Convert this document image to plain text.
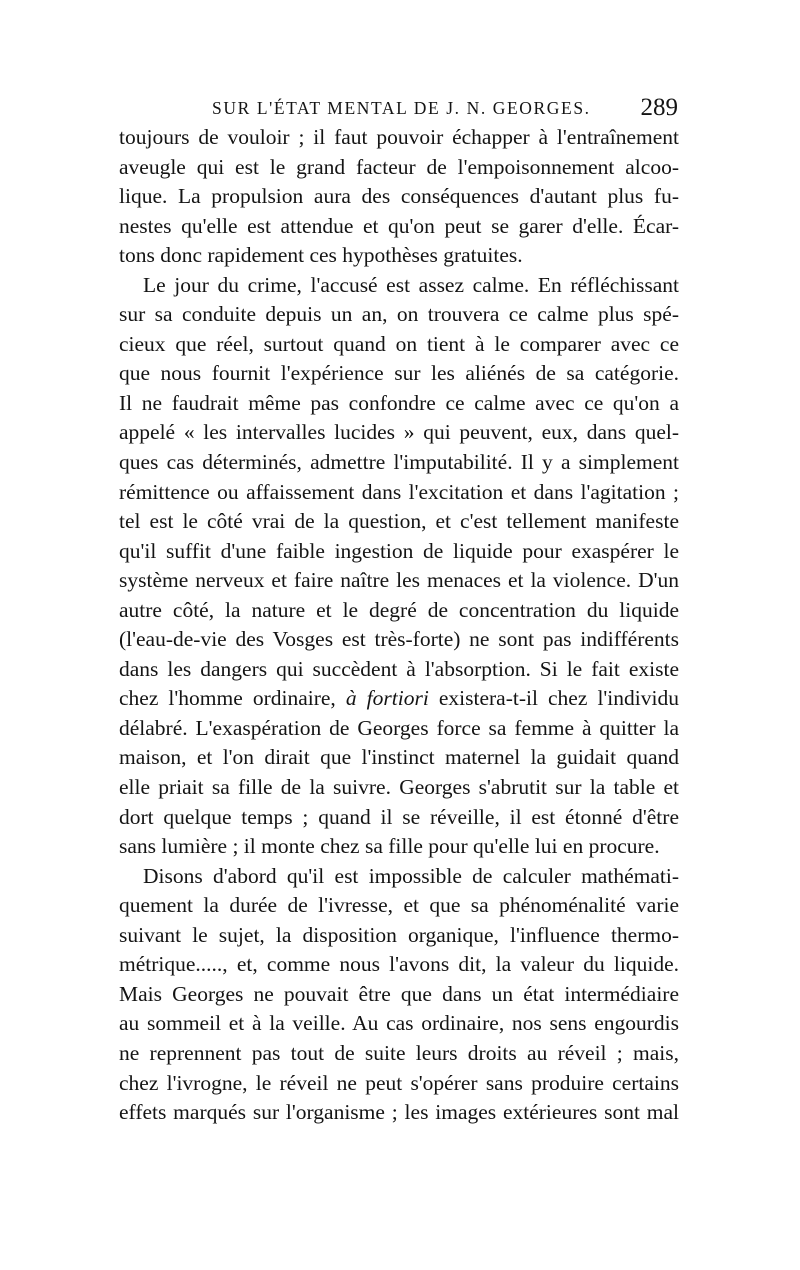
SUR L'ÉTAT MENTAL DE J. N. GEORGES. 289
toujours de vouloir ; il faut pouvoir échapper à l'entraînement
aveugle qui est le grand facteur de l'empoisonnement alcoo-
lique. La propulsion aura des conséquences d'autant plus fu-
nestes qu'elle est attendue et qu'on peut se garer d'elle. Écar-
tons donc rapidement ces hypothèses gratuites.
Le jour du crime, l'accusé est assez calme. En réfléchissant
sur sa conduite depuis un an, on trouvera ce calme plus spé-
cieux que réel, surtout quand on tient à le comparer avec ce
que nous fournit l'expérience sur les aliénés de sa catégorie.
Il ne faudrait même pas confondre ce calme avec ce qu'on a
appelé « les intervalles lucides » qui peuvent, eux, dans quel-
ques cas déterminés, admettre l'imputabilité. Il y a simplement
rémittence ou affaissement dans l'excitation et dans l'agitation ;
tel est le côté vrai de la question, et c'est tellement manifeste
qu'il suffit d'une faible ingestion de liquide pour exaspérer le
système nerveux et faire naître les menaces et la violence. D'un
autre côté, la nature et le degré de concentration du liquide
(l'eau-de-vie des Vosges est très-forte) ne sont pas indifférents
dans les dangers qui succèdent à l'absorption. Si le fait existe
chez l'homme ordinaire, à fortiori existera-t-il chez l'individu
délabré. L'exaspération de Georges force sa femme à quitter la
maison, et l'on dirait que l'instinct maternel la guidait quand
elle priait sa fille de la suivre. Georges s'abrutit sur la table et
dort quelque temps ; quand il se réveille, il est étonné d'être
sans lumière ; il monte chez sa fille pour qu'elle lui en procure.
Disons d'abord qu'il est impossible de calculer mathémati-
quement la durée de l'ivresse, et que sa phénoménalité varie
suivant le sujet, la disposition organique, l'influence thermo-
métrique....., et, comme nous l'avons dit, la valeur du liquide.
Mais Georges ne pouvait être que dans un état intermédiaire
au sommeil et à la veille. Au cas ordinaire, nos sens engourdis
ne reprennent pas tout de suite leurs droits au réveil ; mais,
chez l'ivrogne, le réveil ne peut s'opérer sans produire certains
effets marqués sur l'organisme ; les images extérieures sont mal
